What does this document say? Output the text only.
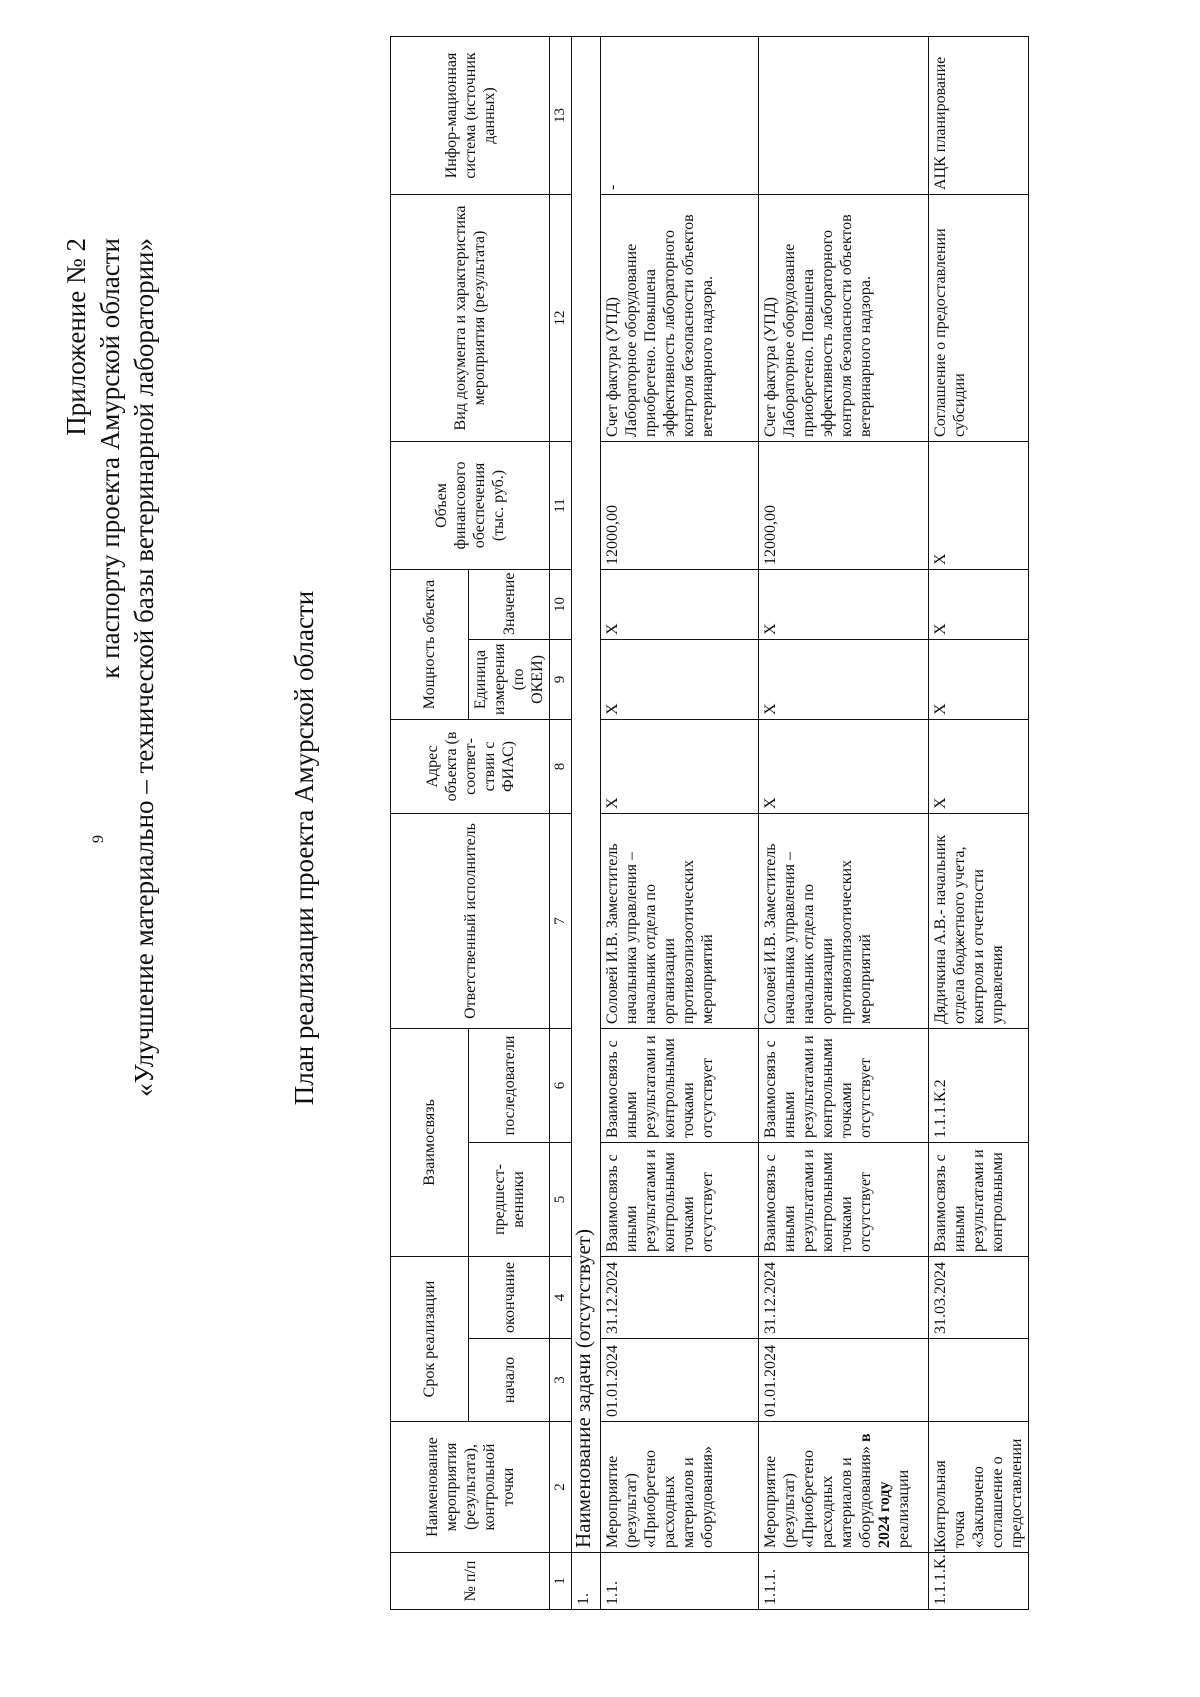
9
Приложение № 2 к паспорту проекта Амурской области «Улучшение материально – технической базы ветеринарной лаборатории»	План реализации проекта Амурской области
№ п/п	Наименование мероприятия (результата), контрольной точки	Срок реализации		Взаимосвязь		Ответственный исполнитель	Адрес объекта (в соответ-ствии с ФИАС)	Мощность объекта		Объем финансового обеспечения (тыс. руб.)	Вид документа и характеристика мероприятия (результата)	Инфор-мационная система (источник данных)
		начало	окончание	предшест-венники	последователи			Единица измерения (по ОКЕИ)	Значение			
1	2	3	4	5	6	7	8	9	10	11	12	13
1.	Наименование задачи (отсутствует)											
1.1.	Мероприятие (результат) «Приобретено расходных материалов и оборудования»	01.01.2024	31.12.2024	Взаимосвязь с иными результатами и контрольными точками отсутствует	Взаимосвязь с иными результатами и контрольными точками отсутствует	Соловей И.В. Заместитель начальника управления – начальник отдела по организации противоэпизоотических мероприятий	Х	Х	Х	12000,00	Счет фактура (УПД) Лабораторное оборудование приобретено. Повышена эффективность лабораторного контроля безопасности объектов ветеринарного надзора.	-
1.1.1.	Мероприятие (результат) «Приобретено расходных материалов и оборудования» в 2024 году реализации	01.01.2024	31.12.2024	Взаимосвязь с иными результатами и контрольными точками отсутствует	Взаимосвязь с иными результатами и контрольными точками отсутствует	Соловей И.В. Заместитель начальника управления – начальник отдела по организации противоэпизоотических мероприятий	Х	Х	Х	12000,00	Счет фактура (УПД) Лабораторное оборудование приобретено. Повышена эффективность лабораторного контроля безопасности объектов ветеринарного надзора.	
1.1.1.К.1.	Контрольная точка «Заключено соглашение о предоставлении		31.03.2024	Взаимосвязь с иными результатами и контрольными	1.1.1.К.2	Дядичкина А.В.- начальник отдела бюджетного учета, контроля и отчетности управления	Х	Х	Х	Х	Соглашение о предоставлении субсидии	АЦК планирование
